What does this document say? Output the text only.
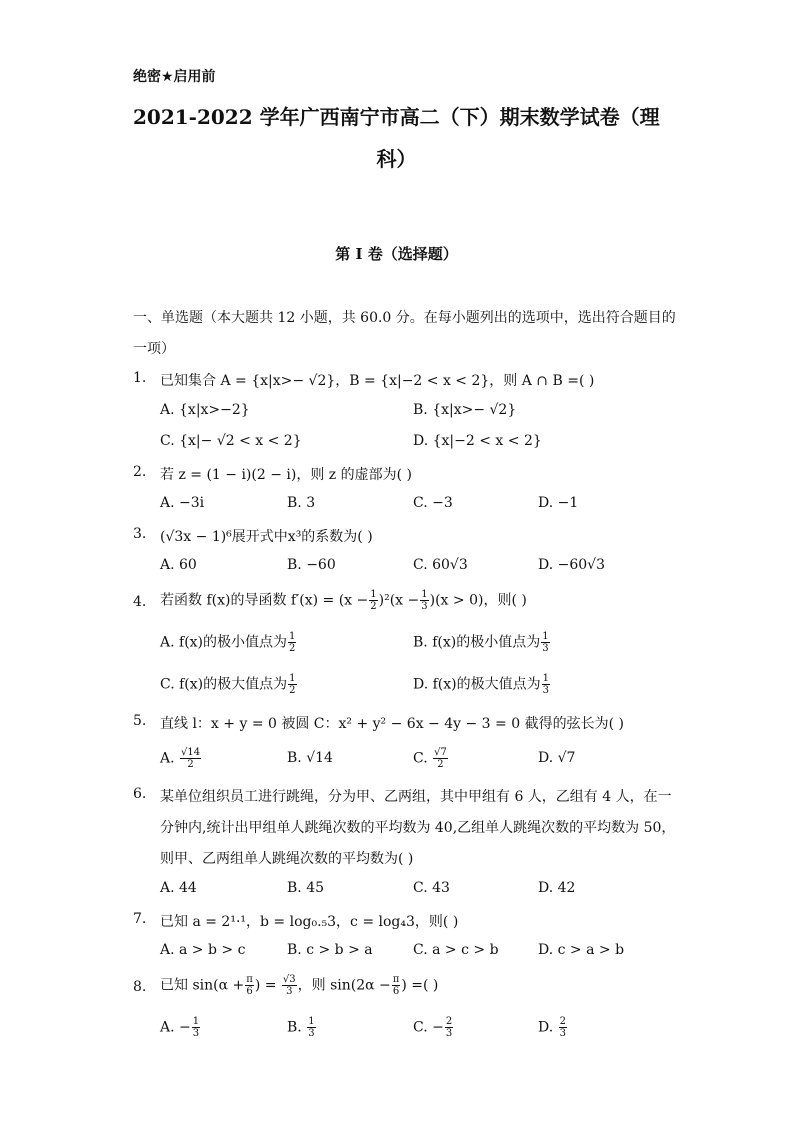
绝密★启用前
2021-2022 学年广西南宁市高二（下）期末数学试卷（理
科）
第 I 卷（选择题）
一、单选题（本大题共 12 小题，共 60.0 分。在每小题列出的选项中，选出符合题目的
一项）
1. 已知集合 A = {x|x>− √2}，B = {x|−2 < x < 2}，则 A ∩ B =( )
A. {x|x>−2}	B. {x|x>− √2}
C. {x|− √2 < x < 2}	D. {x|−2 < x < 2}
2. 若 z = (1 − i)(2 − i)，则 z 的虚部为( )
A. −3i	B. 3	C. −3	D. −1
3. (√3x − 1)⁶展开式中x³的系数为( )
A. 60	B. −60	C. 60√3	D. −60√3
4. 若函数 f(x)的导函数 $f'(x) = (x - \frac{1}{2} )^2(x - \frac{1}{3} )(x > 0)$，则( )
A. f(x)的极小值点为 $\frac{1}{2}$	B. f(x)的极小值点为 $\frac{1}{3}$
C. f(x)的极大值点为 $\frac{1}{2}$	D. f(x)的极大值点为 $\frac{1}{3}$
5. 直线 l：x + y = 0 被圆 C：x² + y² − 6x − 4y − 3 = 0 截得的弦长为( )
A. $\frac{√14}{2}$	B. √14	C. $\frac{√7}{2}$	D. √7
6. 某单位组织员工进行跳绳，分为甲、乙两组，其中甲组有 6 人，乙组有 4 人，在一
分钟内,统计出甲组单人跳绳次数的平均数为 40,乙组单人跳绳次数的平均数为 50，
则甲、乙两组单人跳绳次数的平均数为( )
A. 44	B. 45	C. 43	D. 42
7. 已知 a = 2¹·¹，b = log₀.₅3，c = log₄3，则( )
A. a > b > c	B. c > b > a	C. a > c > b	D. c > a > b
8. 已知 $\sin(\alpha + \frac{\pi}{6}$ ) = $\frac{√3}{3}$ ，则 $\sin(2\alpha - \frac{\pi}{6}$ ) =( )
A. − $\frac{1}{3}$	B. $\frac{1}{3}$	C. − $\frac{2}{3}$	D. $\frac{2}{3}$
